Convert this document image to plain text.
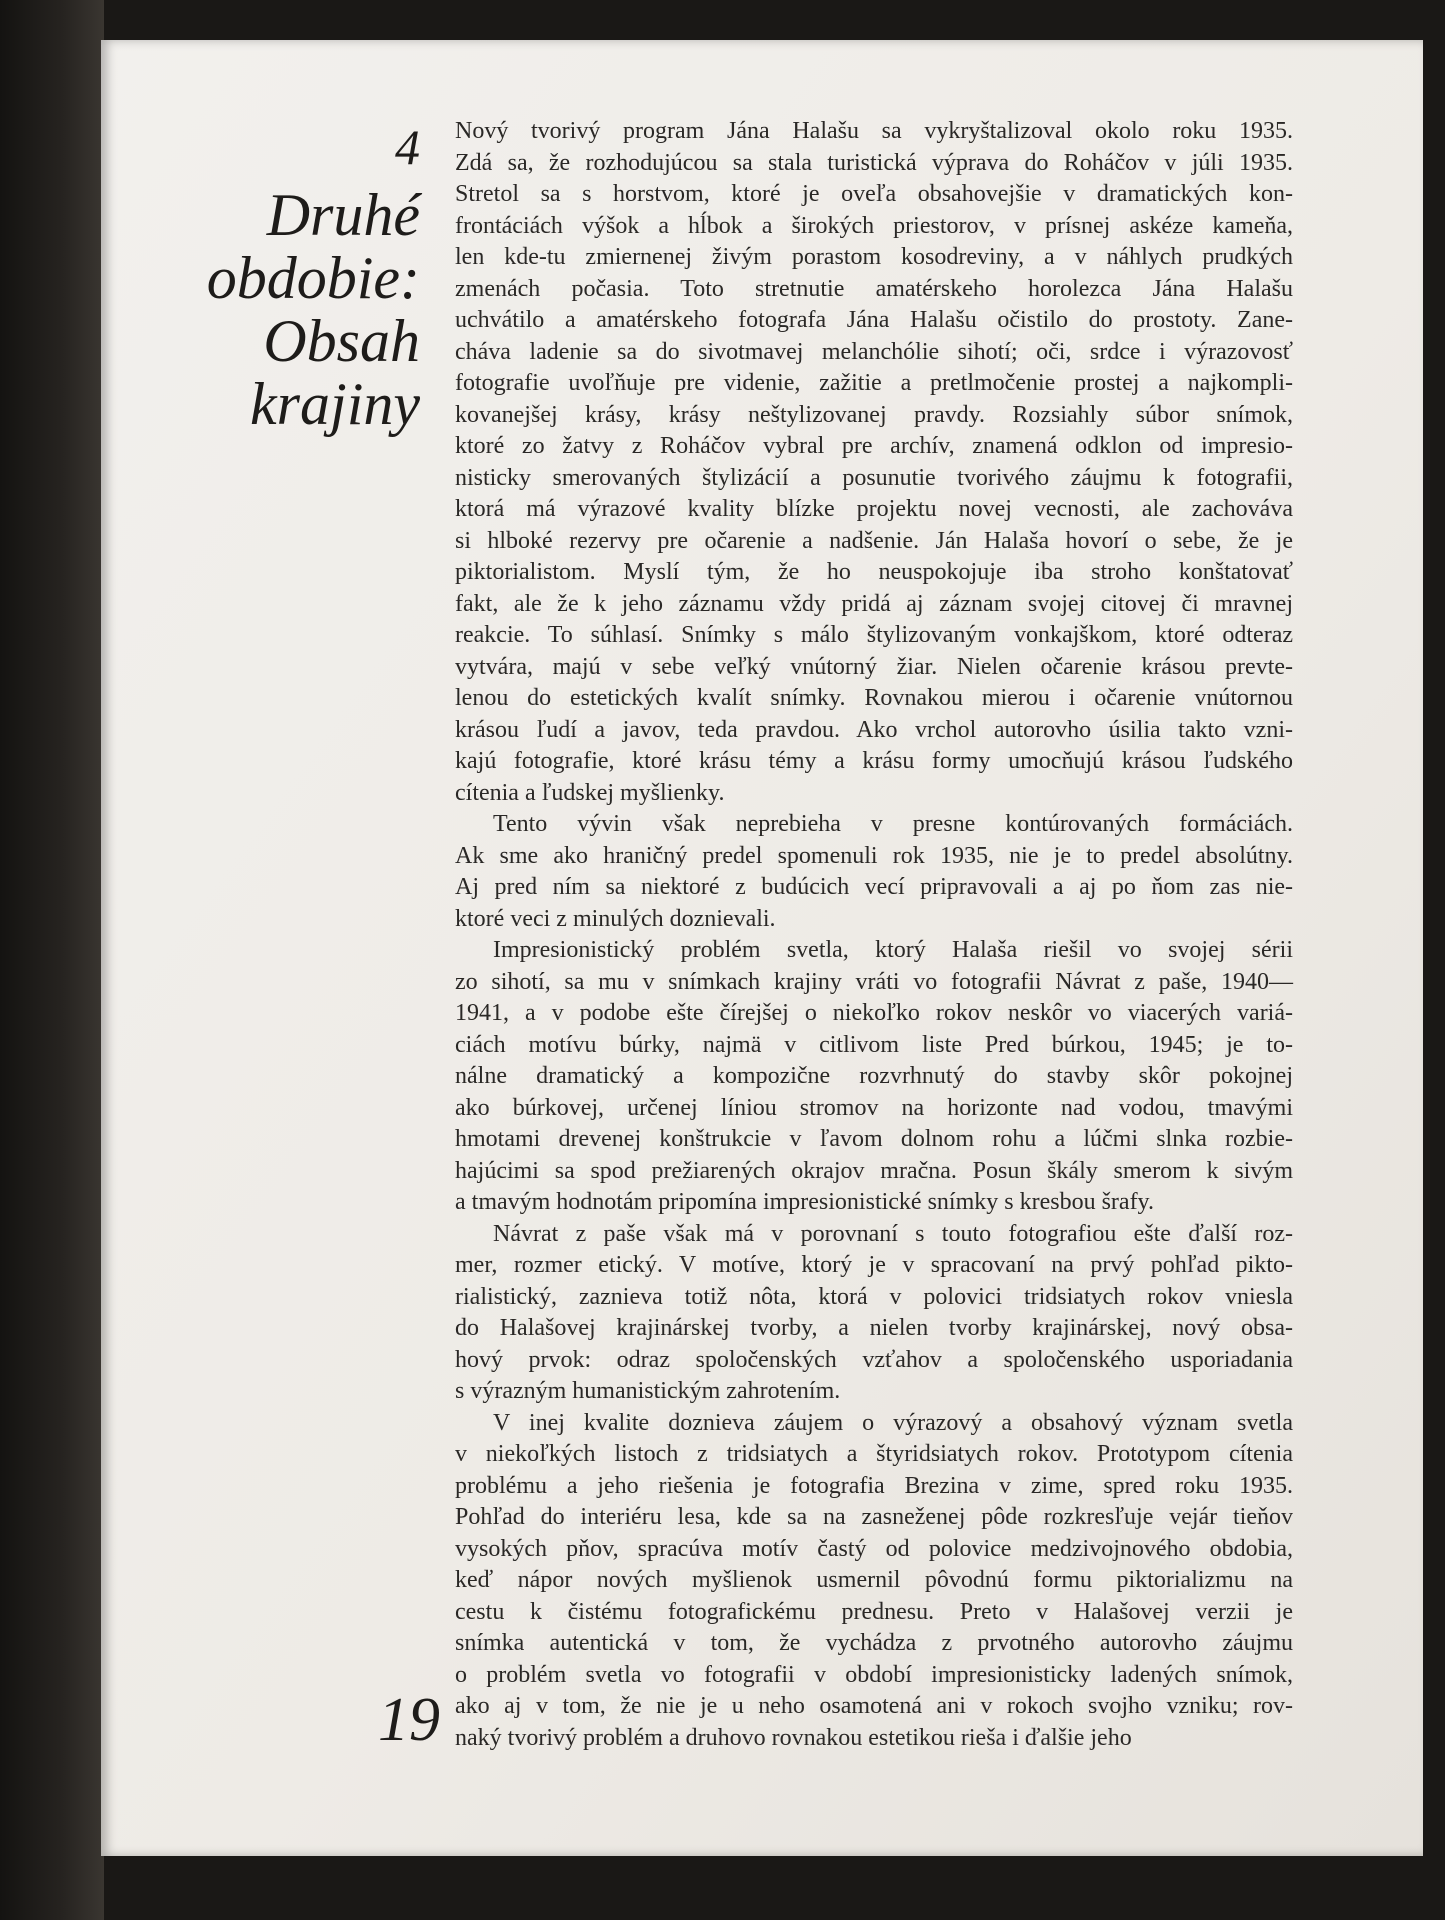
4
Druhé
obdobie:
Obsah
krajiny
19
Nový tvorivý program Jána Halašu sa vykryštalizoval okolo roku 1935.
Zdá sa, že rozhodujúcou sa stala turistická výprava do Roháčov v júli 1935.
Stretol sa s horstvom, ktoré je oveľa obsahovejšie v dramatických kon-
frontáciách výšok a hĺbok a širokých priestorov, v prísnej askéze kameňa,
len kde-tu zmiernenej živým porastom kosodreviny, a v náhlych prudkých
zmenách počasia. Toto stretnutie amatérskeho horolezca Jána Halašu
uchvátilo a amatérskeho fotografa Jána Halašu očistilo do prostoty. Zane-
cháva ladenie sa do sivotmavej melanchólie sihotí; oči, srdce i výrazovosť
fotografie uvoľňuje pre videnie, zažitie a pretlmočenie prostej a najkompli-
kovanejšej krásy, krásy neštylizovanej pravdy. Rozsiahly súbor snímok,
ktoré zo žatvy z Roháčov vybral pre archív, znamená odklon od impresio-
nisticky smerovaných štylizácií a posunutie tvorivého záujmu k fotografii,
ktorá má výrazové kvality blízke projektu novej vecnosti, ale zachováva
si hlboké rezervy pre očarenie a nadšenie. Ján Halaša hovorí o sebe, že je
piktorialistom. Myslí tým, že ho neuspokojuje iba stroho konštatovať
fakt, ale že k jeho záznamu vždy pridá aj záznam svojej citovej či mravnej
reakcie. To súhlasí. Snímky s málo štylizovaným vonkajškom, ktoré odteraz
vytvára, majú v sebe veľký vnútorný žiar. Nielen očarenie krásou prevte-
lenou do estetických kvalít snímky. Rovnakou mierou i očarenie vnútornou
krásou ľudí a javov, teda pravdou. Ako vrchol autorovho úsilia takto vzni-
kajú fotografie, ktoré krásu témy a krásu formy umocňujú krásou ľudského
cítenia a ľudskej myšlienky.
Tento vývin však neprebieha v presne kontúrovaných formáciách.
Ak sme ako hraničný predel spomenuli rok 1935, nie je to predel absolútny.
Aj pred ním sa niektoré z budúcich vecí pripravovali a aj po ňom zas nie-
ktoré veci z minulých doznievali.
Impresionistický problém svetla, ktorý Halaša riešil vo svojej sérii
zo sihotí, sa mu v snímkach krajiny vráti vo fotografii Návrat z paše, 1940—
1941, a v podobe ešte čírejšej o niekoľko rokov neskôr vo viacerých variá-
ciách motívu búrky, najmä v citlivom liste Pred búrkou, 1945; je to-
nálne dramatický a kompozične rozvrhnutý do stavby skôr pokojnej
ako búrkovej, určenej líniou stromov na horizonte nad vodou, tmavými
hmotami drevenej konštrukcie v ľavom dolnom rohu a lúčmi slnka rozbie-
hajúcimi sa spod prežiarených okrajov mračna. Posun škály smerom k sivým
a tmavým hodnotám pripomína impresionistické snímky s kresbou šrafy.
Návrat z paše však má v porovnaní s touto fotografiou ešte ďalší roz-
mer, rozmer etický. V motíve, ktorý je v spracovaní na prvý pohľad pikto-
rialistický, zaznieva totiž nôta, ktorá v polovici tridsiatych rokov vniesla
do Halašovej krajinárskej tvorby, a nielen tvorby krajinárskej, nový obsa-
hový prvok: odraz spoločenských vzťahov a spoločenského usporiadania
s výrazným humanistickým zahrotením.
V inej kvalite doznieva záujem o výrazový a obsahový význam svetla
v niekoľkých listoch z tridsiatych a štyridsiatych rokov. Prototypom cítenia
problému a jeho riešenia je fotografia Brezina v zime, spred roku 1935.
Pohľad do interiéru lesa, kde sa na zasneženej pôde rozkresľuje vejár tieňov
vysokých pňov, spracúva motív častý od polovice medzivojnového obdobia,
keď nápor nových myšlienok usmernil pôvodnú formu piktorializmu na
cestu k čistému fotografickému prednesu. Preto v Halašovej verzii je
snímka autentická v tom, že vychádza z prvotného autorovho záujmu
o problém svetla vo fotografii v období impresionisticky ladených snímok,
ako aj v tom, že nie je u neho osamotená ani v rokoch svojho vzniku; rov-
naký tvorivý problém a druhovo rovnakou estetikou rieša i ďalšie jeho
